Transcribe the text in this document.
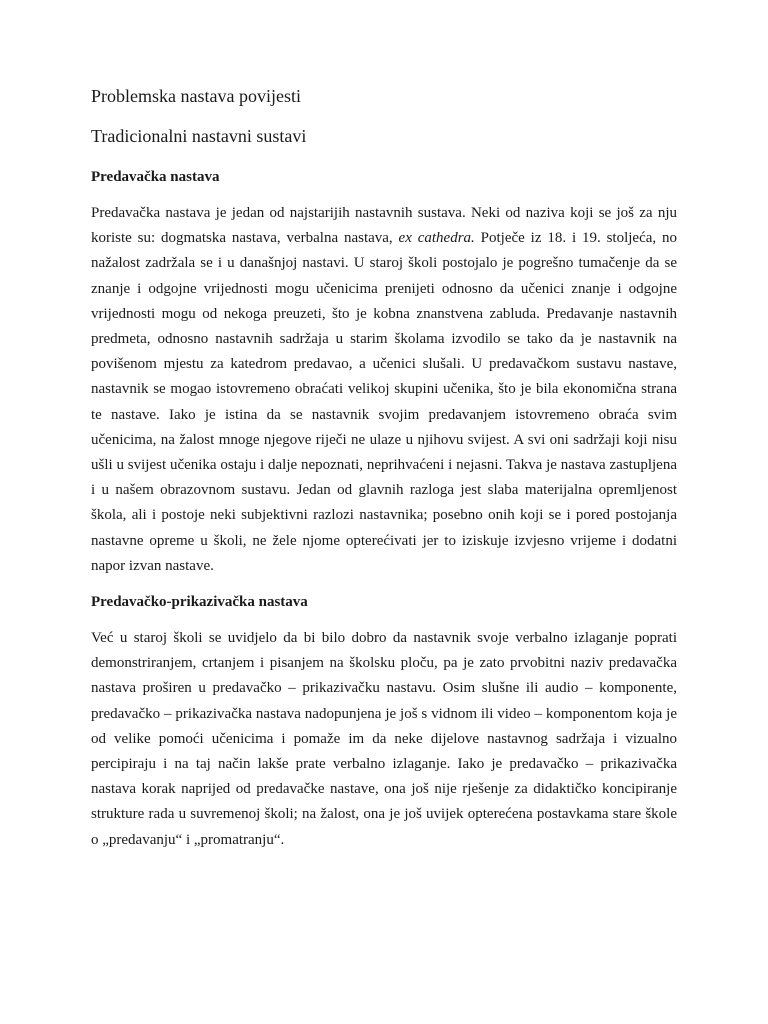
Problemska nastava povijesti
Tradicionalni nastavni sustavi
Predavačka nastava

Predavačka nastava je jedan od najstarijih nastavnih sustava. Neki od naziva koji se još za nju koriste su: dogmatska nastava, verbalna nastava, ex cathedra. Potječe iz 18. i 19. stoljeća, no nažalost zadržala se i u današnjoj nastavi. U staroj školi postojalo je pogrešno tumačenje da se znanje i odgojne vrijednosti mogu učenicima prenijeti odnosno da učenici znanje i odgojne vrijednosti mogu od nekoga preuzeti, što je kobna znanstvena zabluda. Predavanje nastavnih predmeta, odnosno nastavnih sadržaja u starim školama izvodilo se tako da je nastavnik na povišenom mjestu za katedrom predavao, a učenici slušali. U predavačkom sustavu nastave, nastavnik se mogao istovremeno obraćati velikoj skupini učenika, što je bila ekonomična strana te nastave. Iako je istina da se nastavnik svojim predavanjem istovremeno obraća svim učenicima, na žalost mnoge njegove riječi ne ulaze u njihovu svijest. A svi oni sadržaji koji nisu ušli u svijest učenika ostaju i dalje nepoznati, neprihvaćeni i nejasni. Takva je nastava zastupljena i u našem obrazovnom sustavu. Jedan od glavnih razloga jest slaba materijalna opremljenost škola, ali i postoje neki subjektivni razlozi nastavnika; posebno onih koji se i pored postojanja nastavne opreme u školi, ne žele njome opterećivati jer to iziskuje izvjesno vrijeme i dodatni napor izvan nastave.

Predavačko-prikazivačka nastava

Već u staroj školi se uvidjelo da bi bilo dobro da nastavnik svoje verbalno izlaganje poprati demonstriranjem, crtanjem i pisanjem na školsku ploču, pa je zato prvobitni naziv predavačka nastava proširen u predavačko – prikazivačku nastavu. Osim slušne ili audio – komponente, predavačko – prikazivačka nastava nadopunjena je još s vidnom ili video – komponentom koja je od velike pomoći učenicima i pomaže im da neke dijelove nastavnog sadržaja i vizualno percipiraju i na taj način lakše prate verbalno izlaganje. Iako je predavačko – prikazivačka nastava korak naprijed od predavačke nastave, ona još nije rješenje za didaktičko koncipiranje strukture rada u suvremenoj školi; na žalost, ona je još uvijek opterećena postavkama stare škole o „predavanju“ i „promatranju“.
